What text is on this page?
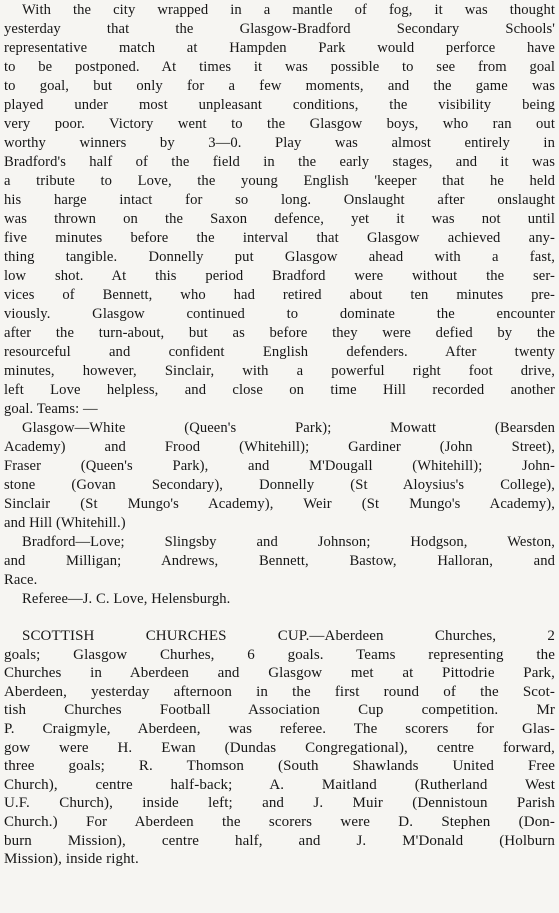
With the city wrapped in a mantle of fog, it was thought
yesterday that the Glasgow-Bradford Secondary Schools'
representative match at Hampden Park would perforce have
to be postponed. At times it was possible to see from goal
to goal, but only for a few moments, and the game was
played under most unpleasant conditions, the visibility being
very poor. Victory went to the Glasgow boys, who ran out
worthy winners by 3—0. Play was almost entirely in
Bradford's half of the field in the early stages, and it was
a tribute to Love, the young English 'keeper that he held
his harge intact for so long. Onslaught after onslaught
was thrown on the Saxon defence, yet it was not until
five minutes before the interval that Glasgow achieved any-
thing tangible. Donnelly put Glasgow ahead with a fast,
low shot. At this period Bradford were without the ser-
vices of Bennett, who had retired about ten minutes pre-
viously. Glasgow continued to dominate the encounter
after the turn-about, but as before they were defied by the
resourceful and confident English defenders. After twenty
minutes, however, Sinclair, with a powerful right foot drive,
left Love helpless, and close on time Hill recorded another
goal. Teams: —
Glasgow—White (Queen's Park); Mowatt (Bearsden
Academy) and Frood (Whitehill); Gardiner (John Street),
Fraser (Queen's Park), and M'Dougall (Whitehill); John-
stone (Govan Secondary), Donnelly (St Aloysius's College),
Sinclair (St Mungo's Academy), Weir (St Mungo's Academy),
and Hill (Whitehill.)
Bradford—Love; Slingsby and Johnson; Hodgson, Weston,
and Milligan; Andrews, Bennett, Bastow, Halloran, and
Race.
Referee—J. C. Love, Helensburgh.
SCOTTISH CHURCHES CUP.—Aberdeen Churches, 2
goals; Glasgow Churhes, 6 goals. Teams representing the
Churches in Aberdeen and Glasgow met at Pittodrie Park,
Aberdeen, yesterday afternoon in the first round of the Scot-
tish Churches Football Association Cup competition. Mr
P. Craigmyle, Aberdeen, was referee. The scorers for Glas-
gow were H. Ewan (Dundas Congregational), centre forward,
three goals; R. Thomson (South Shawlands United Free
Church), centre half-back; A. Maitland (Rutherland West
U.F. Church), inside left; and J. Muir (Dennistoun Parish
Church.) For Aberdeen the scorers were D. Stephen (Don-
burn Mission), centre half, and J. M'Donald (Holburn
Mission), inside right.
